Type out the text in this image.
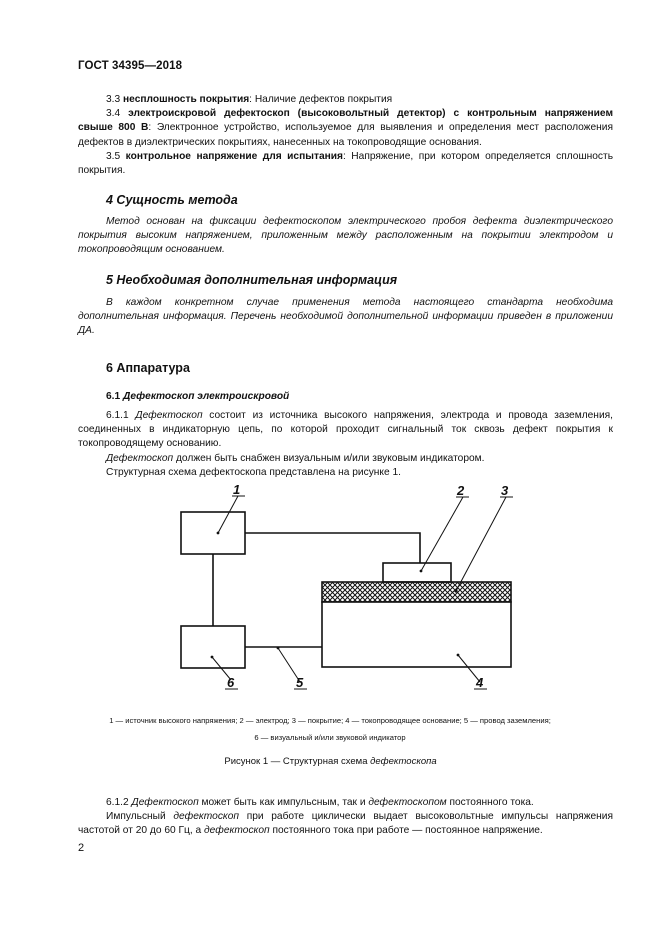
ГОСТ 34395—2018

3.3 несплошность покрытия: Наличие дефектов покрытия

3.4 электроискровой дефектоскоп (высоковольтный детектор) с контрольным напряжением свыше 800 В: Электронное устройство, используемое для выявления и определения мест расположения дефектов в диэлектрических покрытиях, нанесенных на токопроводящие основания.

3.5 контрольное напряжение для испытания: Напряжение, при котором определяется сплошность покрытия.

4 Сущность метода

Метод основан на фиксации дефектоскопом электрического пробоя дефекта диэлектрического покрытия высоким напряжением, приложенным между расположенным на покрытии электродом и токопроводящим основанием.

5 Необходимая дополнительная информация

В каждом конкретном случае применения метода настоящего стандарта необходима дополнительная информация. Перечень необходимой дополнительной информации приведен в приложении ДА.

6 Аппаратура
6.1 Дефектоскоп электроискровой

6.1.1 Дефектоскоп состоит из источника высокого напряжения, электрода и провода заземления, соединенных в индикаторную цепь, по которой проходит сигнальный ток сквозь дефект покрытия к токопроводящему основанию.

Дефектоскоп должен быть снабжен визуальным и/или звуковым индикатором.

Структурная схема дефектоскопа представлена на рисунке 1.

1	2	3
4
5
6
1 — источник высокого напряжения; 2 — электрод; 3 — покрытие; 4 — токопроводящее основание; 5 — провод заземления;
6 — визуальный и/или звуковой индикатор
Рисунок 1 — Структурная схема дефектоскопа

6.1.2 Дефектоскоп может быть как импульсным, так и дефектоскопом постоянного тока.

Импульсный дефектоскоп при работе циклически выдает высоковольтные импульсы напряжения частотой от 20 до 60 Гц, а дефектоскоп постоянного тока при работе — постоянное напряжение.

2
